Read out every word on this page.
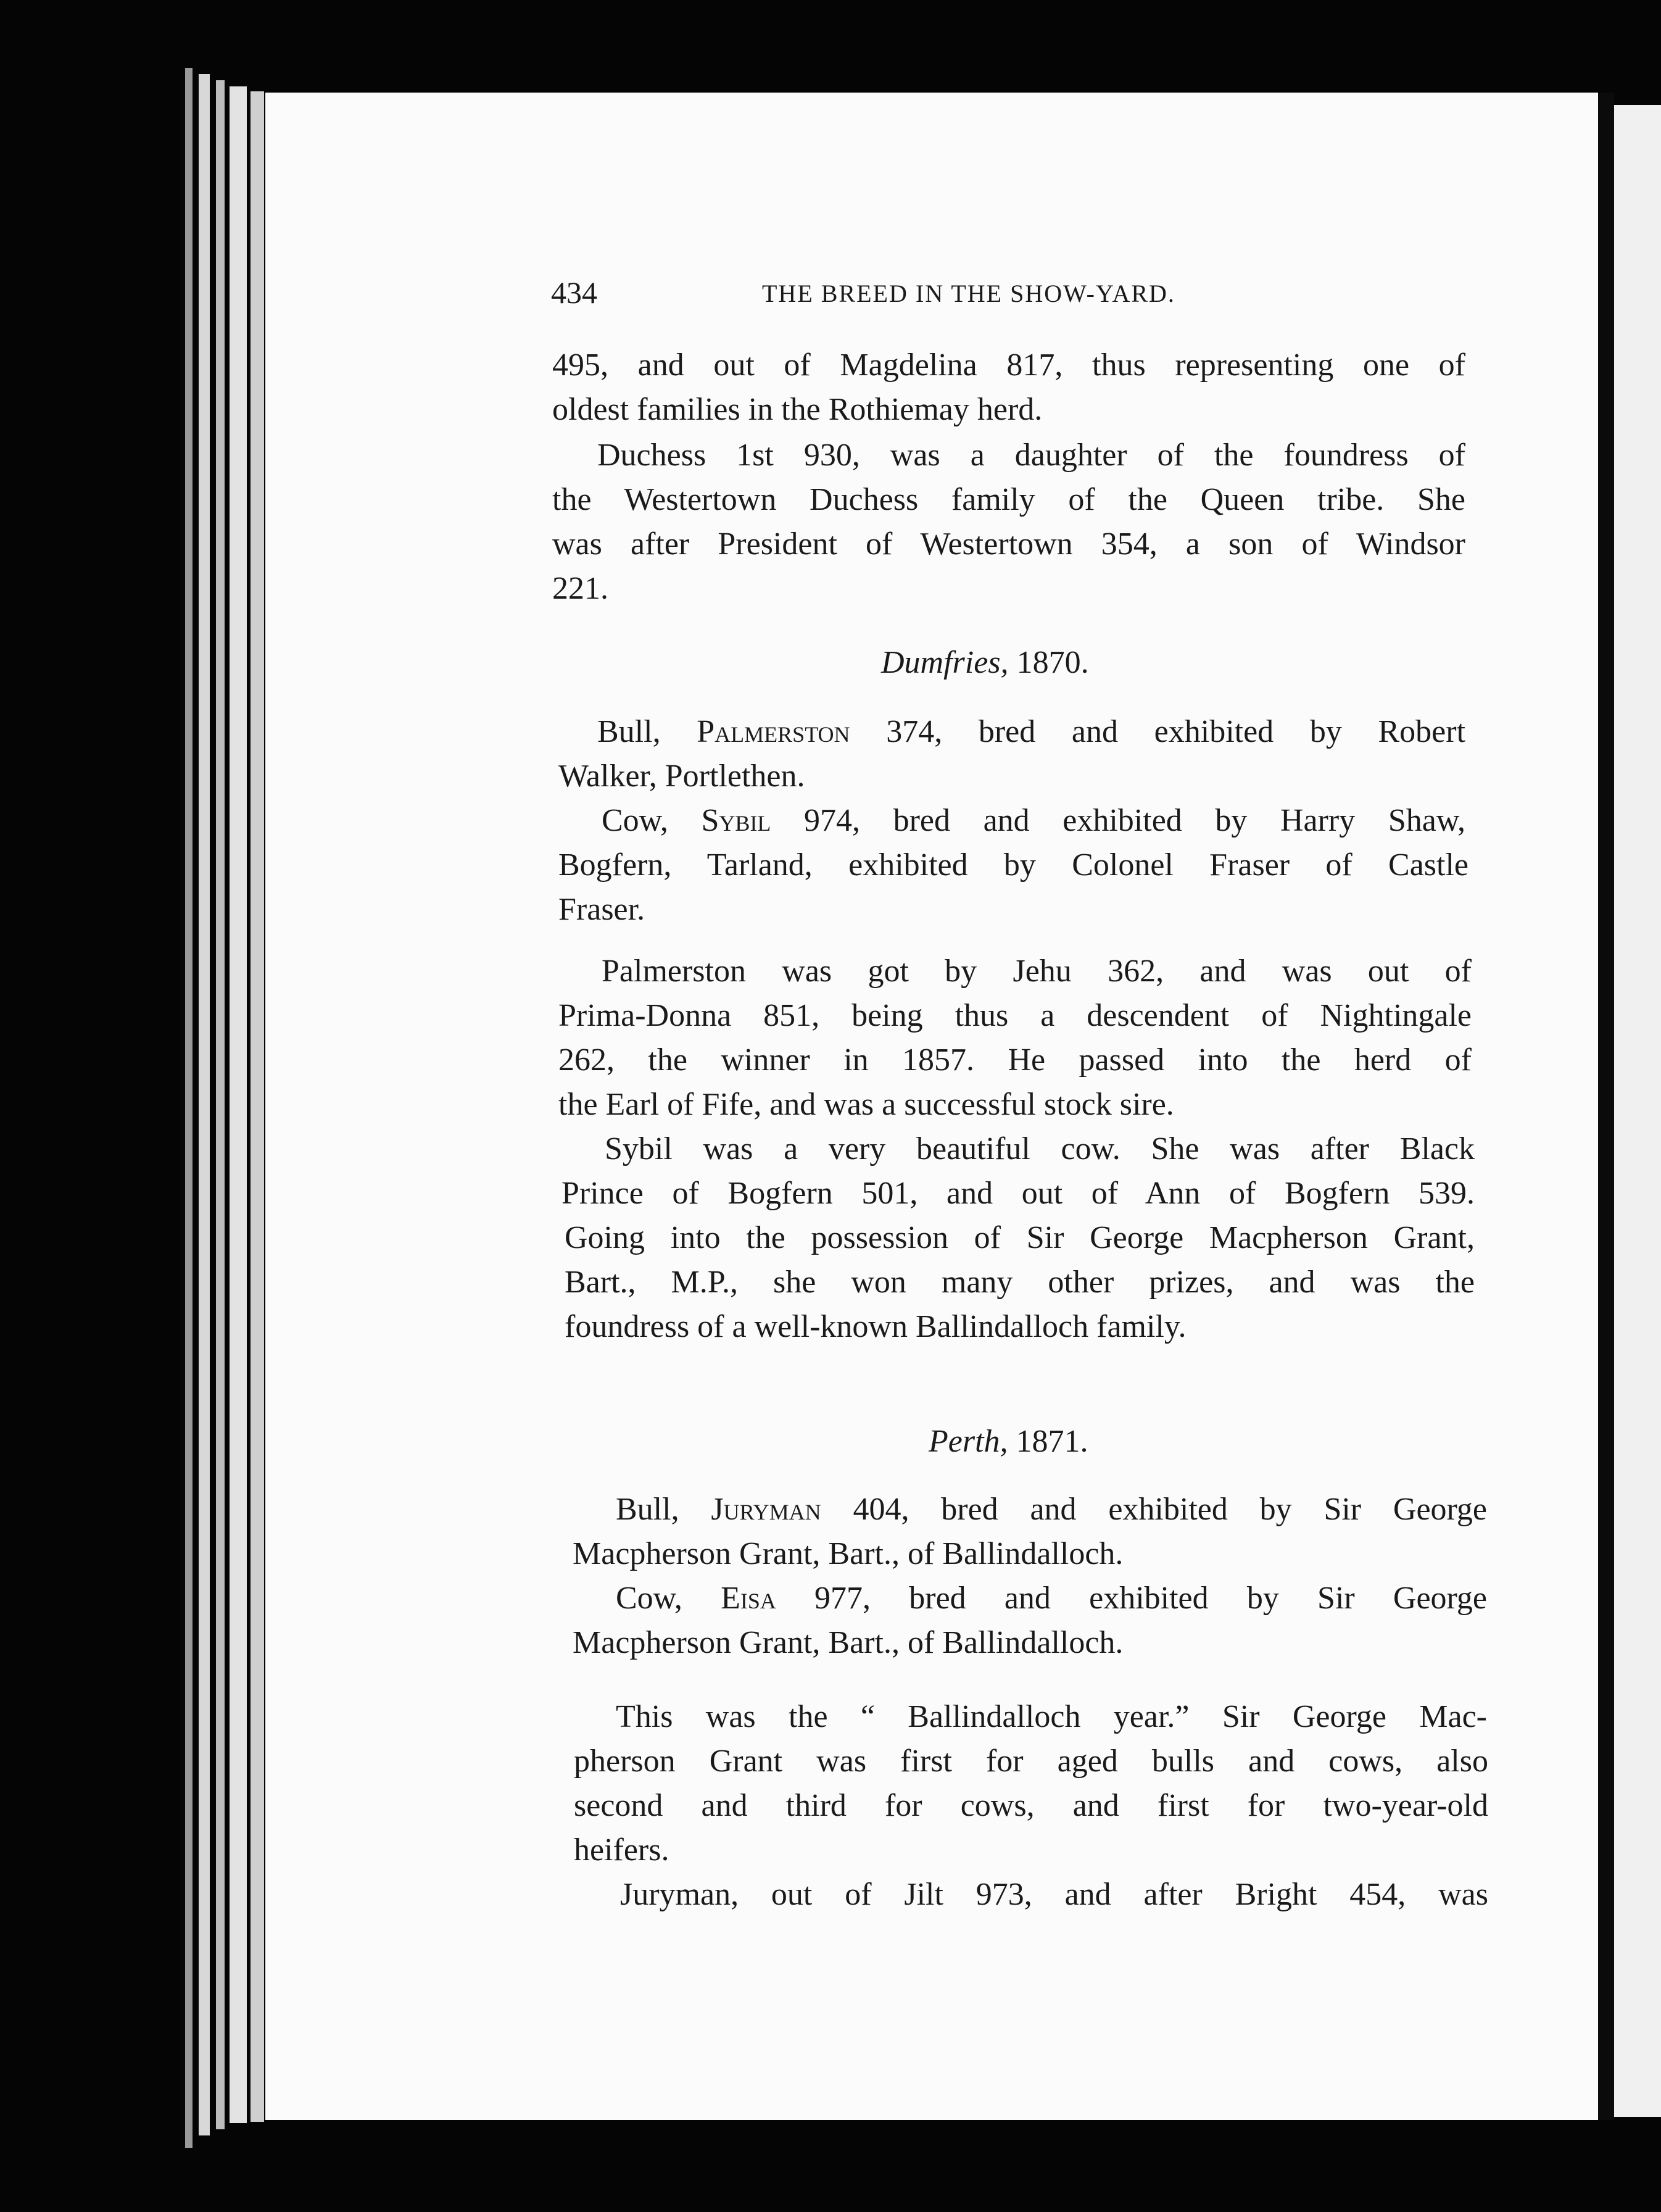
434	THE BREED IN THE SHOW-YARD.
495, and out of Magdelina 817, thus representing one of
oldest families in the Rothiemay herd.
Duchess 1st 930, was a daughter of the foundress of
the Westertown Duchess family of the Queen tribe. She
was after President of Westertown 354, a son of Windsor
221.
Dumfries, 1870.
Bull, Palmerston 374, bred and exhibited by Robert
Walker, Portlethen.
Cow, Sybil 974, bred and exhibited by Harry Shaw,
Bogfern, Tarland, exhibited by Colonel Fraser of Castle
Fraser.
Palmerston was got by Jehu 362, and was out of
Prima-Donna 851, being thus a descendent of Nightingale
262, the winner in 1857. He passed into the herd of
the Earl of Fife, and was a successful stock sire.
Sybil was a very beautiful cow. She was after Black
Prince of Bogfern 501, and out of Ann of Bogfern 539.
Going into the possession of Sir George Macpherson Grant,
Bart., M.P., she won many other prizes, and was the
foundress of a well-known Ballindalloch family.
Perth, 1871.
Bull, Juryman 404, bred and exhibited by Sir George
Macpherson Grant, Bart., of Ballindalloch.
Cow, Eisa 977, bred and exhibited by Sir George
Macpherson Grant, Bart., of Ballindalloch.
This was the “ Ballindalloch year.” Sir George Mac-
pherson Grant was first for aged bulls and cows, also
second and third for cows, and first for two-year-old
heifers.
Juryman, out of Jilt 973, and after Bright 454, was
